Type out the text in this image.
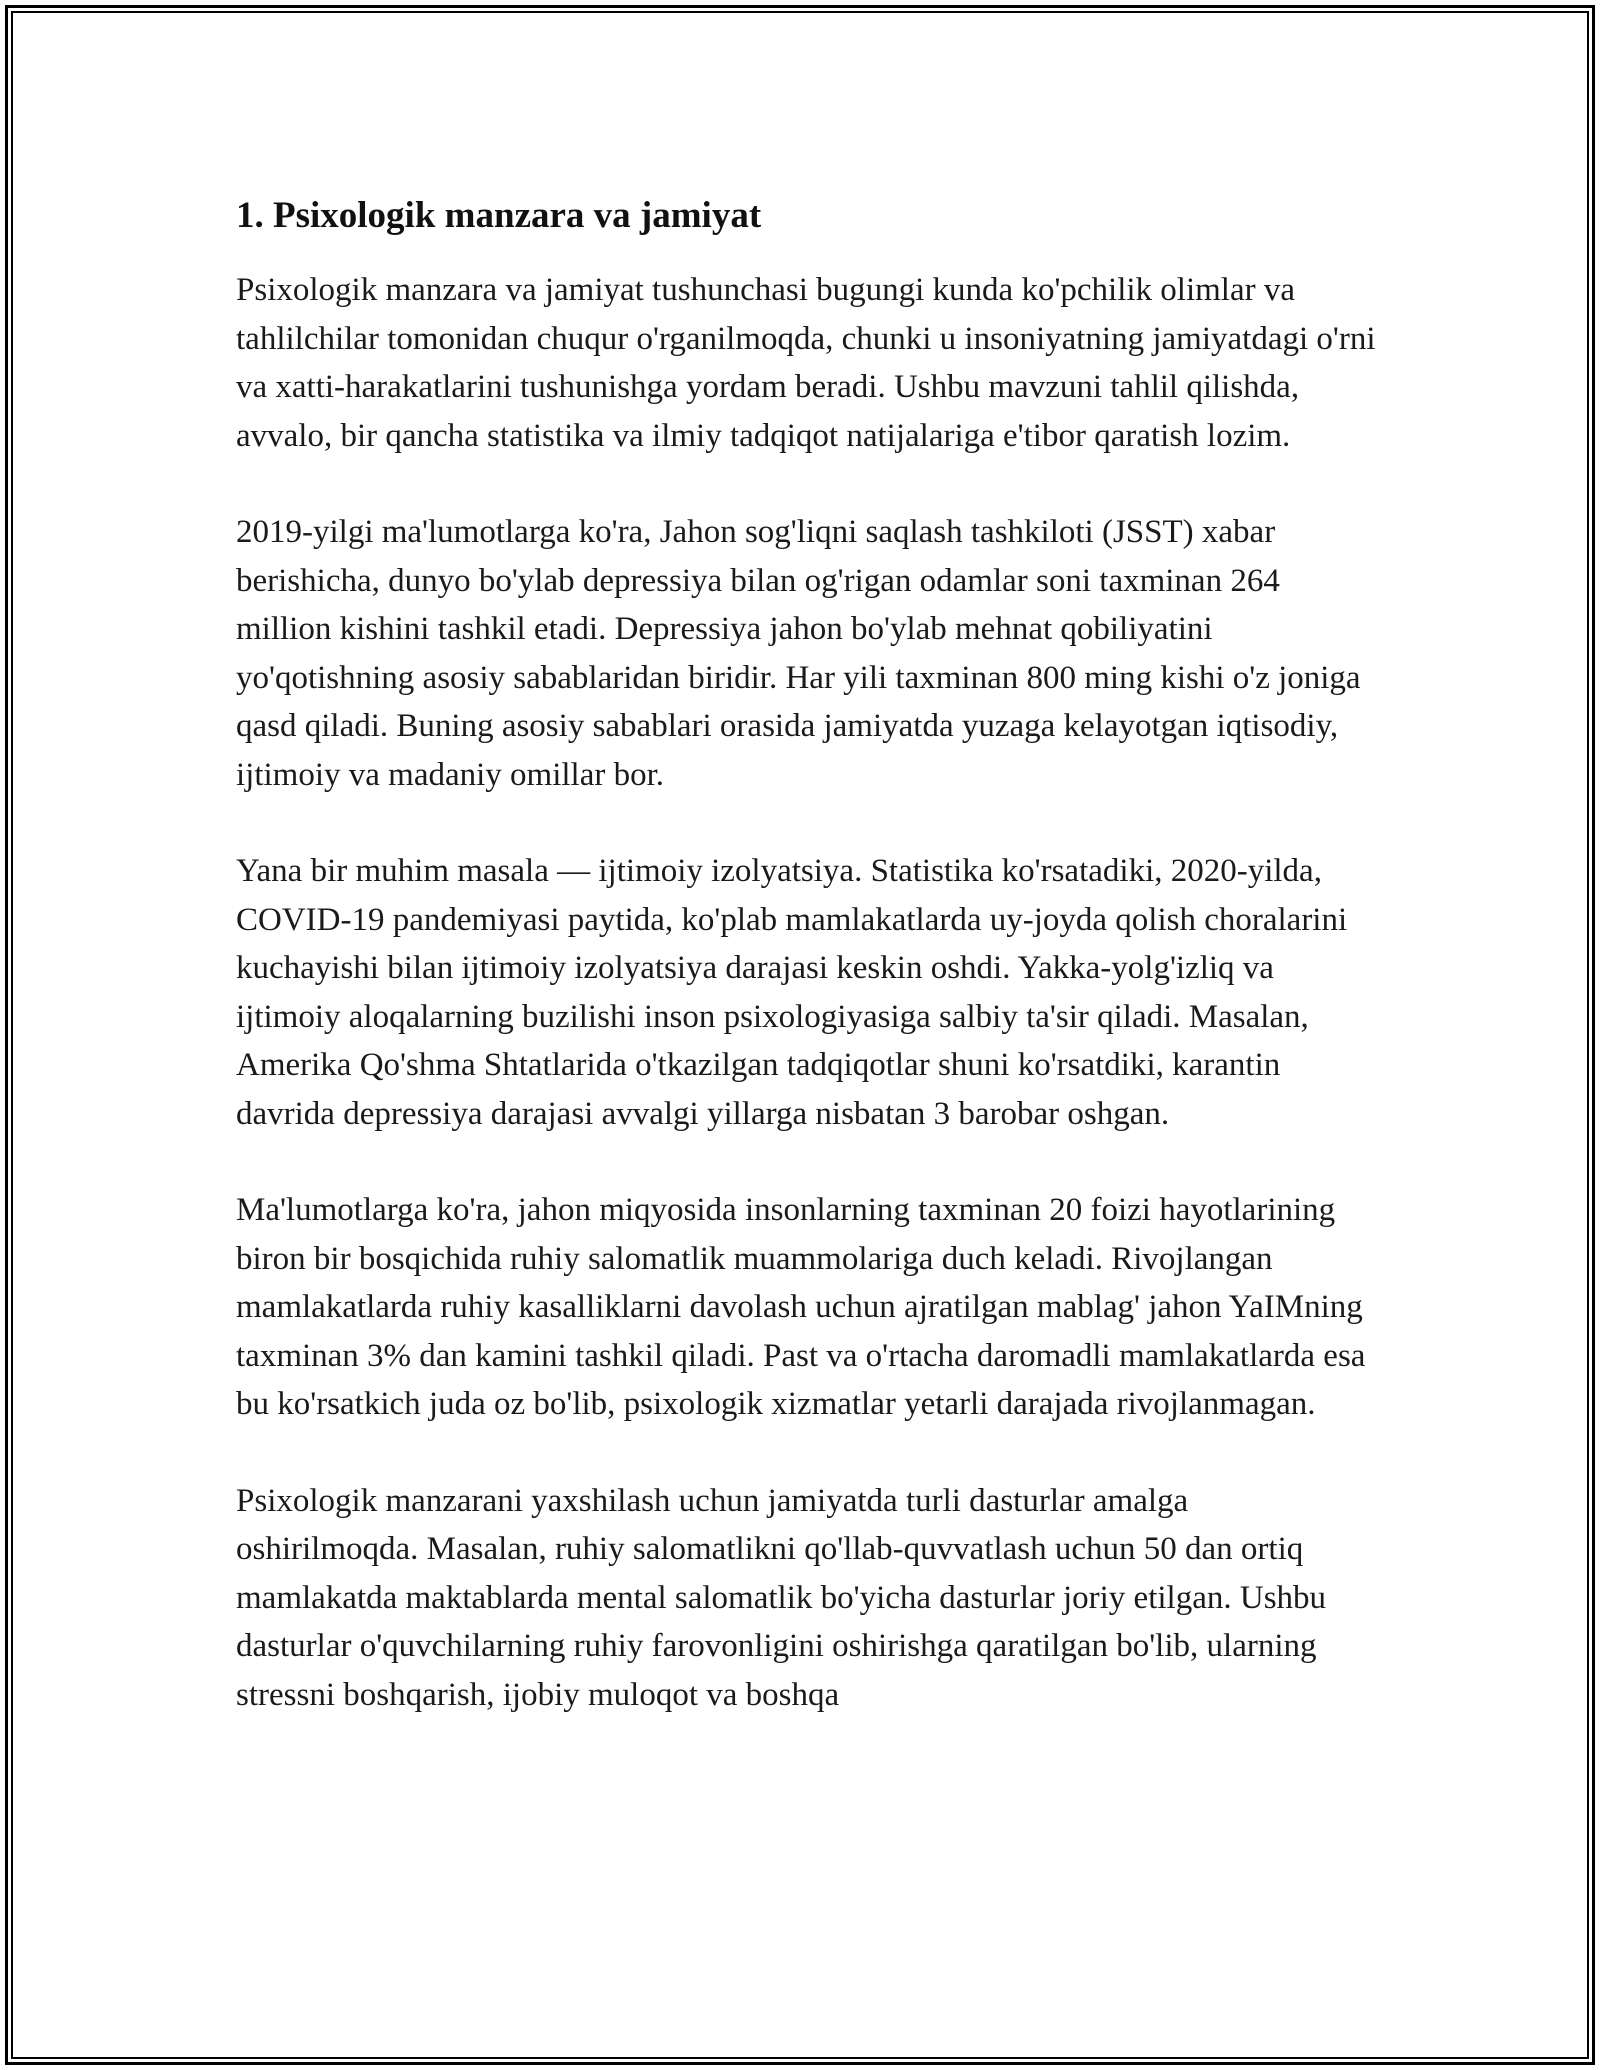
1. Psixologik manzara va jamiyat

Psixologik manzara va jamiyat tushunchasi bugungi kunda ko'pchilik olimlar va tahlilchilar tomonidan chuqur o'rganilmoqda, chunki u insoniyatning jamiyatdagi o'rni va xatti-harakatlarini tushunishga yordam beradi. Ushbu mavzuni tahlil qilishda, avvalo, bir qancha statistika va ilmiy tadqiqot natijalariga e'tibor qaratish lozim.

2019-yilgi ma'lumotlarga ko'ra, Jahon sog'liqni saqlash tashkiloti (JSST) xabar berishicha, dunyo bo'ylab depressiya bilan og'rigan odamlar soni taxminan 264 million kishini tashkil etadi. Depressiya jahon bo'ylab mehnat qobiliyatini yo'qotishning asosiy sabablaridan biridir. Har yili taxminan 800 ming kishi o'z joniga qasd qiladi. Buning asosiy sabablari orasida jamiyatda yuzaga kelayotgan iqtisodiy, ijtimoiy va madaniy omillar bor.

Yana bir muhim masala — ijtimoiy izolyatsiya. Statistika ko'rsatadiki, 2020-yilda, COVID-19 pandemiyasi paytida, ko'plab mamlakatlarda uy-joyda qolish choralarini kuchayishi bilan ijtimoiy izolyatsiya darajasi keskin oshdi. Yakka-yolg'izliq va ijtimoiy aloqalarning buzilishi inson psixologiyasiga salbiy ta'sir qiladi. Masalan, Amerika Qo'shma Shtatlarida o'tkazilgan tadqiqotlar shuni ko'rsatdiki, karantin davrida depressiya darajasi avvalgi yillarga nisbatan 3 barobar oshgan.

Ma'lumotlarga ko'ra, jahon miqyosida insonlarning taxminan 20 foizi hayotlarining biron bir bosqichida ruhiy salomatlik muammolariga duch keladi. Rivojlangan mamlakatlarda ruhiy kasalliklarni davolash uchun ajratilgan mablag' jahon YaIMning taxminan 3% dan kamini tashkil qiladi. Past va o'rtacha daromadli mamlakatlarda esa bu ko'rsatkich juda oz bo'lib, psixologik xizmatlar yetarli darajada rivojlanmagan.

Psixologik manzarani yaxshilash uchun jamiyatda turli dasturlar amalga oshirilmoqda. Masalan, ruhiy salomatlikni qo'llab-quvvatlash uchun 50 dan ortiq mamlakatda maktablarda mental salomatlik bo'yicha dasturlar joriy etilgan. Ushbu dasturlar o'quvchilarning ruhiy farovonligini oshirishga qaratilgan bo'lib, ularning stressni boshqarish, ijobiy muloqot va boshqa
